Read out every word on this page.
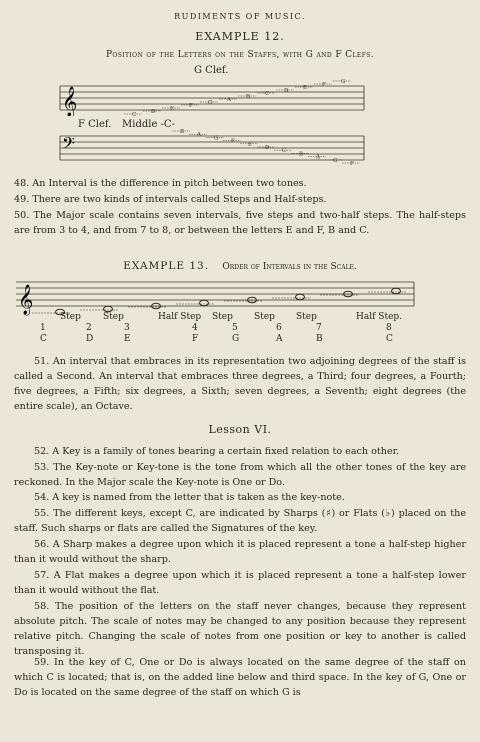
RUDIMENTS OF MUSIC.
EXAMPLE 12.
Position of the Letters on the Staffs, with G and F Clefs.
G Clef.
𝄞	C	D	E	F	G	A	B	C	D	E	F	G
F Clef. Middle -C-
𝄢
B
A
G
F
E
D
C
B
A
G
F
48. An Interval is the difference in pitch between two tones.
49. There are two kinds of intervals called Steps and Half-steps.
50. The Major scale contains seven intervals, five steps and two-half steps. The half-steps are from 3 to 4, and from 7 to 8, or between the letters E and F, B and C.
EXAMPLE 13. Order of Intervals in the Scale.
𝄞
Step Step	Half Step Step Step Step	Half Step.
1	2	3	4	5	6	7	8
C	D	E	F	G	A	B	C
51. An interval that embraces in its representation two adjoining degrees of the staff is called a Second. An interval that embraces three degrees, a Third; four degrees, a Fourth; five degrees, a Fifth; six degrees, a Sixth; seven degrees, a Seventh; eight degrees (the entire scale), an Octave.
Lesson VI.
52. A Key is a family of tones bearing a certain fixed relation to each other.
53. The Key-note or Key-tone is the tone from which all the other tones of the key are reckoned. In the Major scale the Key-note is One or Do.
54. A key is named from the letter that is taken as the key-note.
55. The different keys, except C, are indicated by Sharps (♯) or Flats (♭) placed on the staff. Such sharps or flats are called the Signatures of the key.
56. A Sharp makes a degree upon which it is placed represent a tone a half-step higher than it would without the sharp.
57. A Flat makes a degree upon which it is placed represent a tone a half-step lower than it would without the flat.
58. The position of the letters on the staff never changes, because they represent absolute pitch. The scale of notes may be changed to any position because they represent relative pitch. Changing the scale of notes from one position or key to another is called transposing it.
59. In the key of C, One or Do is always located on the same degree of the staff on which C is located; that is, on the added line below and third space. In the key of G, One or Do is located on the same degree of the staff on which G is
